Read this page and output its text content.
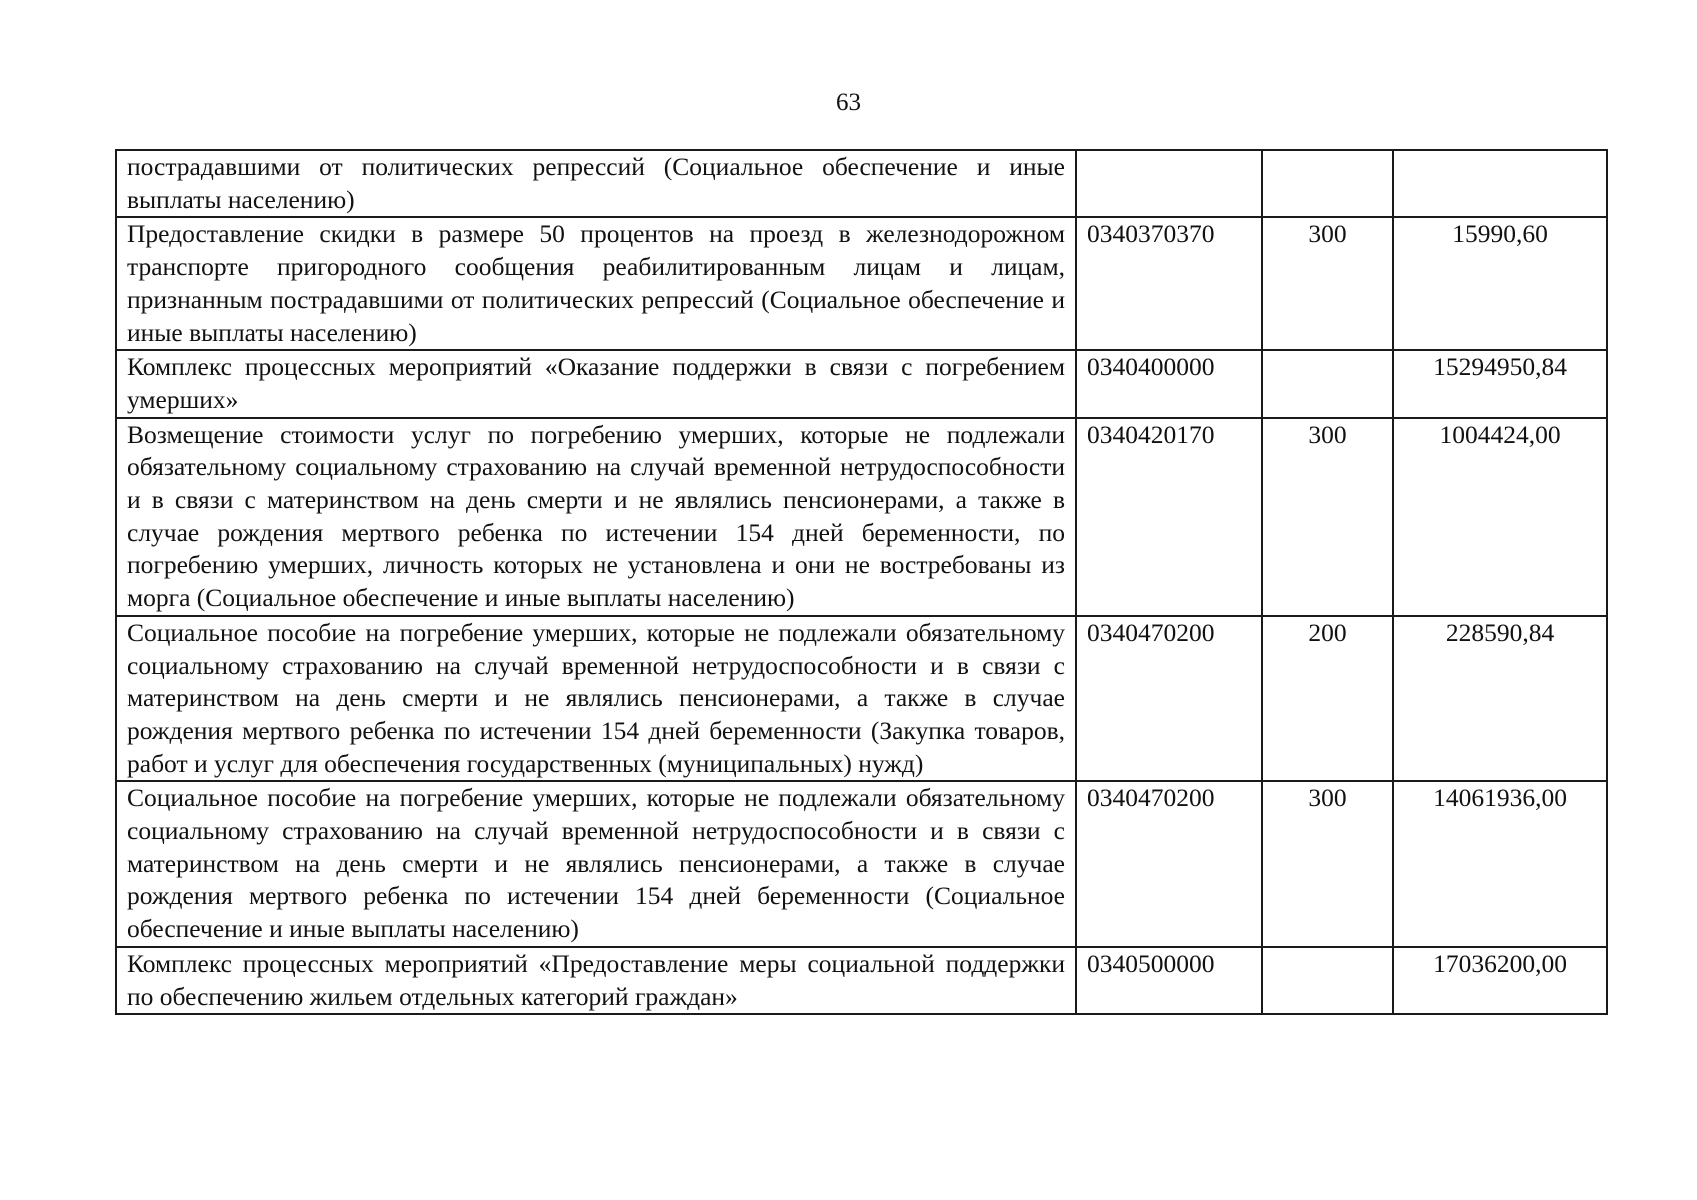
63
пострадавшими от политических репрессий (Социальное обеспечение и иные выплаты населению)			
Предоставление скидки в размере 50 процентов на проезд в железнодорожном транспорте пригородного сообщения реабилитированным лицам и лицам, признанным пострадавшими от политических репрессий (Социальное обеспечение и иные выплаты населению)	0340370370	300	15990,60
Комплекс процессных мероприятий «Оказание поддержки в связи с погребением умерших»	0340400000		15294950,84
Возмещение стоимости услуг по погребению умерших, которые не подлежали обязательному социальному страхованию на случай временной нетрудоспособности и в связи с материнством на день смерти и не являлись пенсионерами, а также в случае рождения мертвого ребенка по истечении 154 дней беременности, по погребению умерших, личность которых не установлена и они не востребованы из морга (Социальное обеспечение и иные выплаты населению)	0340420170	300	1004424,00
Социальное пособие на погребение умерших, которые не подлежали обязательному социальному страхованию на случай временной нетрудоспособности и в связи с материнством на день смерти и не являлись пенсионерами, а также в случае рождения мертвого ребенка по истечении 154 дней беременности (Закупка товаров, работ и услуг для обеспечения государственных (муниципальных) нужд)	0340470200	200	228590,84
Социальное пособие на погребение умерших, которые не подлежали обязательному социальному страхованию на случай временной нетрудоспособности и в связи с материнством на день смерти и не являлись пенсионерами, а также в случае рождения мертвого ребенка по истечении 154 дней беременности (Социальное обеспечение и иные выплаты населению)	0340470200	300	14061936,00
Комплекс процессных мероприятий «Предоставление меры социальной поддержки по обеспечению жильем отдельных категорий граждан»	0340500000		17036200,00
